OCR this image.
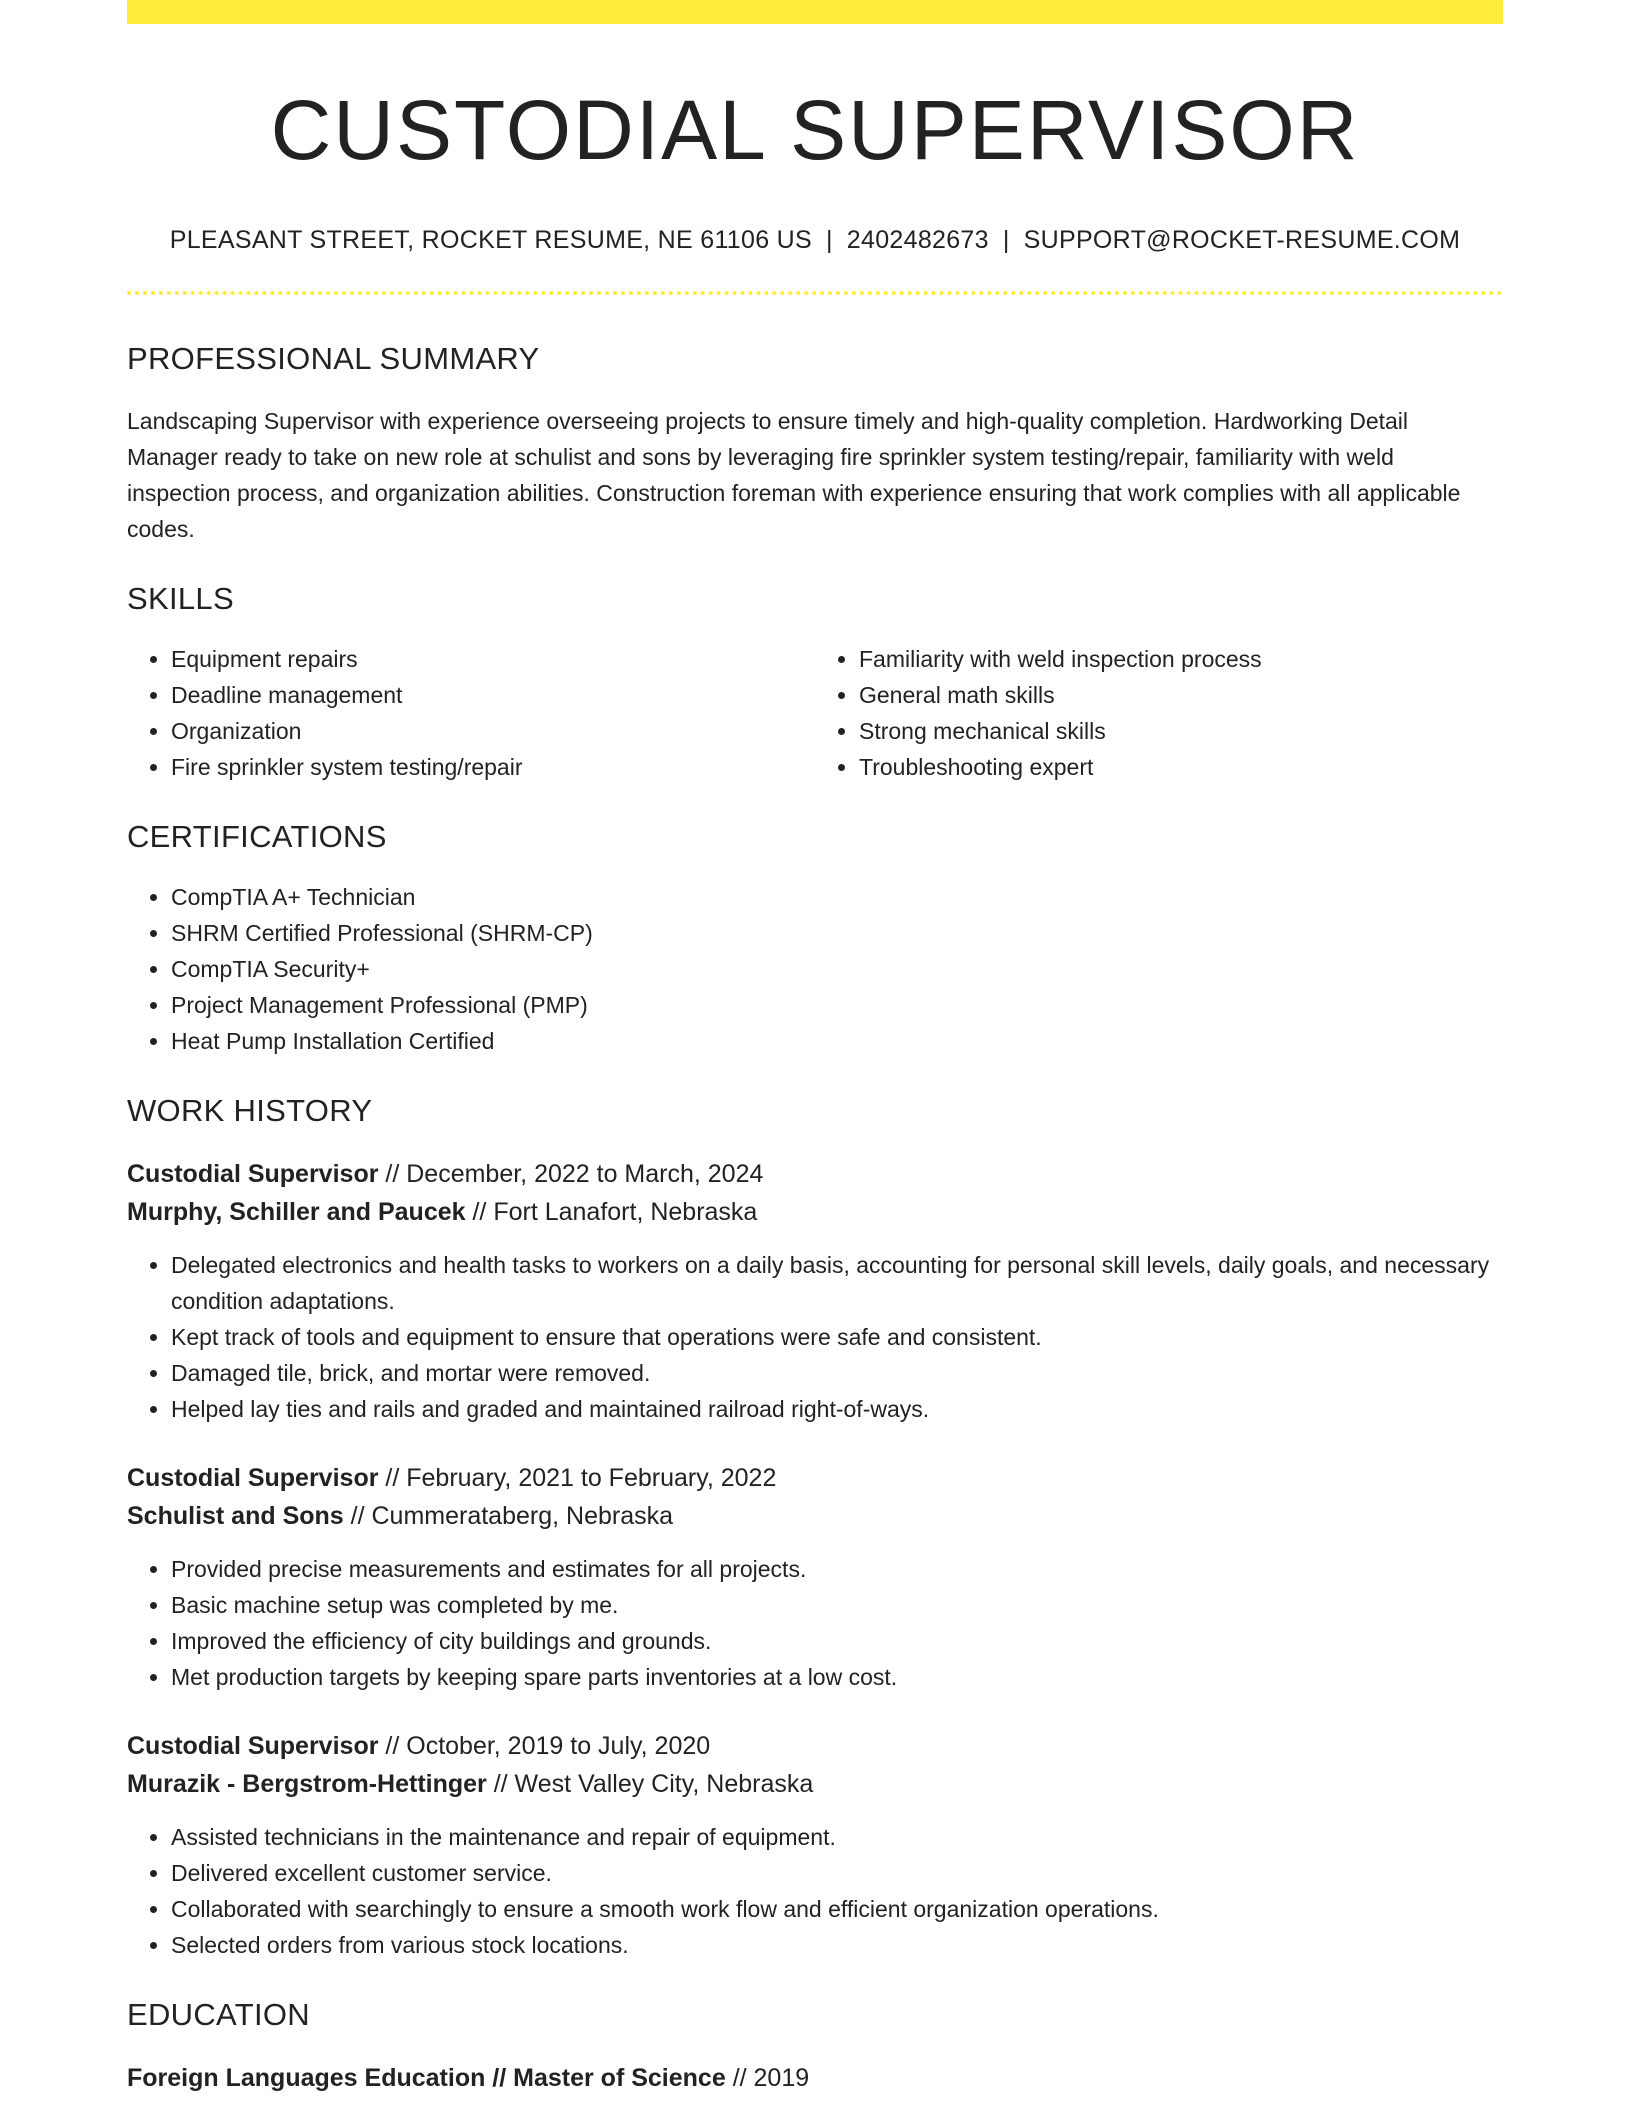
CUSTODIAL SUPERVISOR
PLEASANT STREET, ROCKET RESUME, NE 61106 US | 2402482673 | SUPPORT@ROCKET-RESUME.COM
PROFESSIONAL SUMMARY
Landscaping Supervisor with experience overseeing projects to ensure timely and high-quality completion. Hardworking Detail Manager ready to take on new role at schulist and sons by leveraging fire sprinkler system testing/repair, familiarity with weld inspection process, and organization abilities. Construction foreman with experience ensuring that work complies with all applicable codes.
SKILLS
• Equipment repairs
• Deadline management
• Organization
• Fire sprinkler system testing/repair
• Familiarity with weld inspection process
• General math skills
• Strong mechanical skills
• Troubleshooting expert
CERTIFICATIONS
• CompTIA A+ Technician
• SHRM Certified Professional (SHRM-CP)
• CompTIA Security+
• Project Management Professional (PMP)
• Heat Pump Installation Certified
WORK HISTORY
Custodial Supervisor // December, 2022 to March, 2024
Murphy, Schiller and Paucek // Fort Lanafort, Nebraska
• Delegated electronics and health tasks to workers on a daily basis, accounting for personal skill levels, daily goals, and necessary condition adaptations.
• Kept track of tools and equipment to ensure that operations were safe and consistent.
• Damaged tile, brick, and mortar were removed.
• Helped lay ties and rails and graded and maintained railroad right-of-ways.
Custodial Supervisor // February, 2021 to February, 2022
Schulist and Sons // Cummerataberg, Nebraska
• Provided precise measurements and estimates for all projects.
• Basic machine setup was completed by me.
• Improved the efficiency of city buildings and grounds.
• Met production targets by keeping spare parts inventories at a low cost.
Custodial Supervisor // October, 2019 to July, 2020
Murazik - Bergstrom-Hettinger // West Valley City, Nebraska
• Assisted technicians in the maintenance and repair of equipment.
• Delivered excellent customer service.
• Collaborated with searchingly to ensure a smooth work flow and efficient organization operations.
• Selected orders from various stock locations.
EDUCATION
Foreign Languages Education // Master of Science // 2019
